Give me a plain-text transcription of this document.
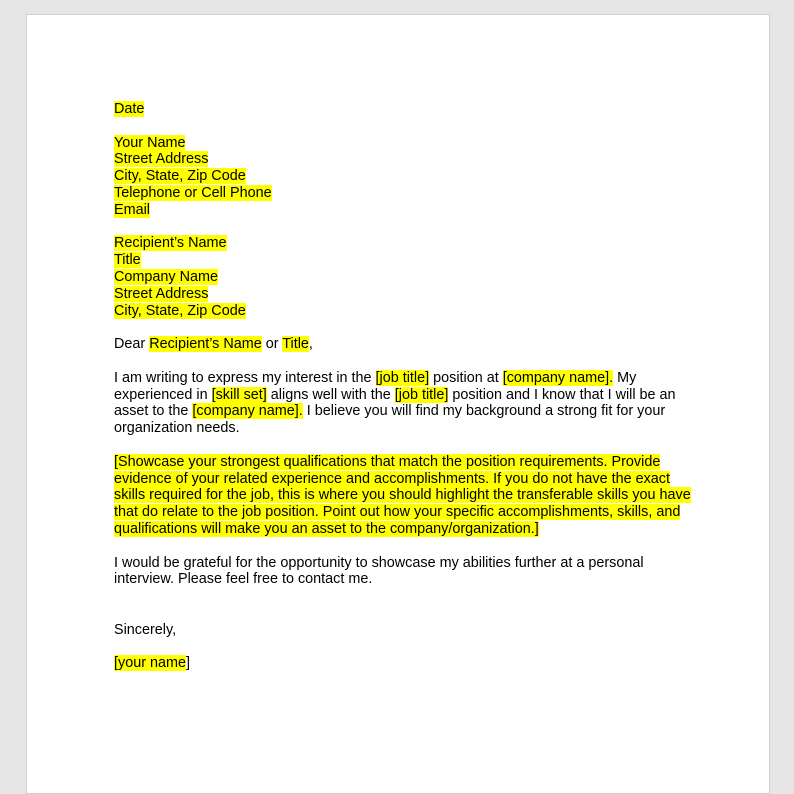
Date

Your Name

Street Address

City, State, Zip Code

Telephone or Cell Phone

Email

Recipient’s Name

Title

Company Name

Street Address

City, State, Zip Code

Dear Recipient’s Name or Title,

I am writing to express my interest in the [job title] position at [company name]. My experienced in [skill set] aligns well with the [job title] position and I know that I will be an asset to the [company name]. I believe you will find my background a strong fit for your organization needs.

[Showcase your strongest qualifications that match the position requirements. Provide evidence of your related experience and accomplishments. If you do not have the exact skills required for the job, this is where you should highlight the transferable skills you have that do relate to the job position. Point out how your specific accomplishments, skills, and qualifications will make you an asset to the company/organization.]

I would be grateful for the opportunity to showcase my abilities further at a personal interview. Please feel free to contact me.

Sincerely,

[your name]
